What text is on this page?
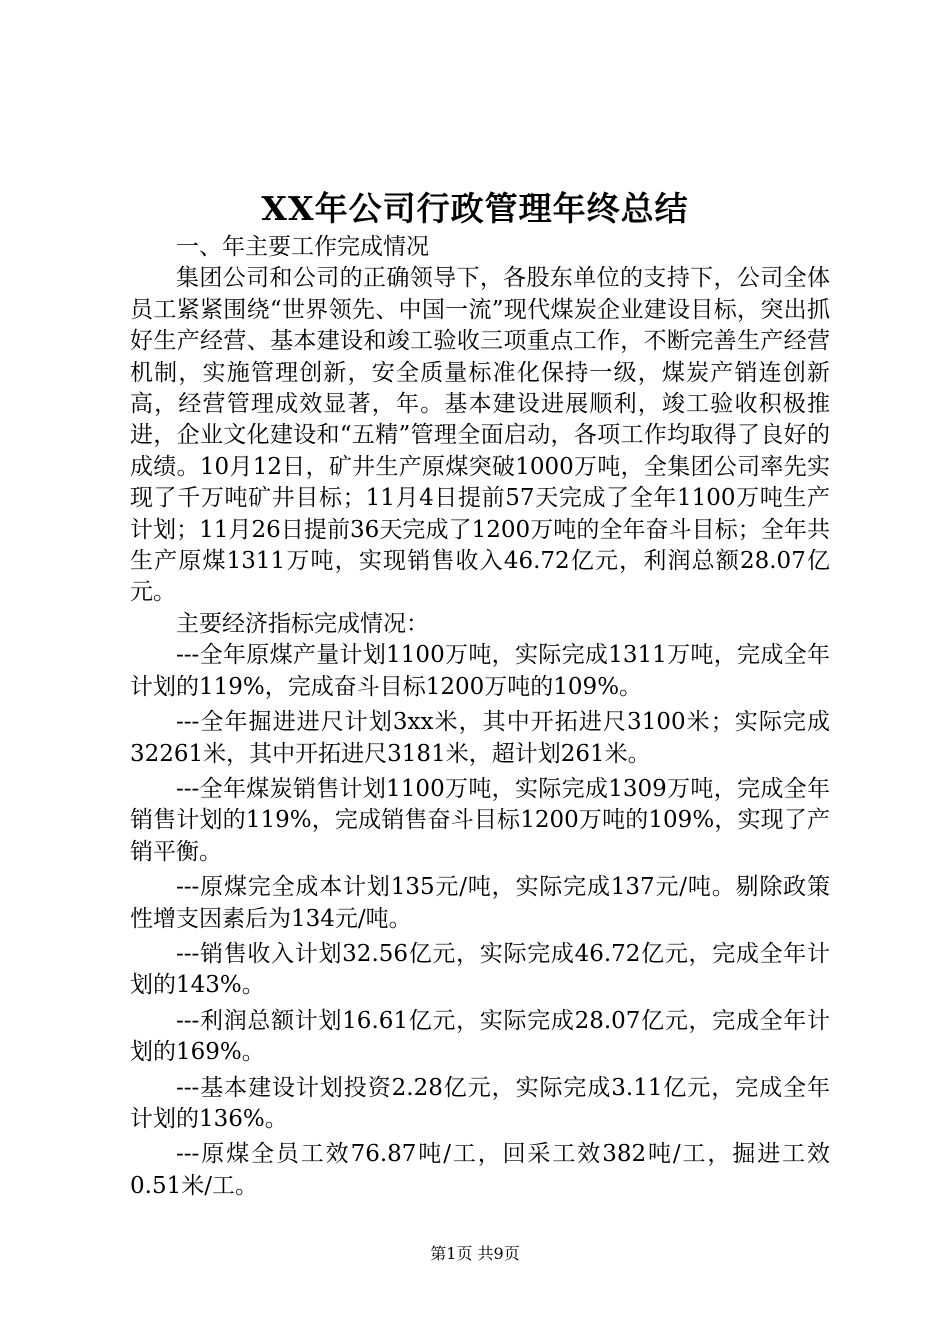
XX年公司行政管理年终总结

一、年主要工作完成情况

集团公司和公司的正确领导下，各股东单位的支持下，公司全体员工紧紧围绕“世界领先、中国一流”现代煤炭企业建设目标，突出抓好生产经营、基本建设和竣工验收三项重点工作，不断完善生产经营机制，实施管理创新，安全质量标准化保持一级，煤炭产销连创新高，经营管理成效显著，年。基本建设进展顺利，竣工验收积极推进，企业文化建设和“五精”管理全面启动，各项工作均取得了良好的成绩。10月12日，矿井生产原煤突破1000万吨，全集团公司率先实现了千万吨矿井目标；11月4日提前57天完成了全年1100万吨生产计划；11月26日提前36天完成了1200万吨的全年奋斗目标；全年共生产原煤1311万吨，实现销售收入46.72亿元，利润总额28.07亿元。

主要经济指标完成情况：

---全年原煤产量计划1100万吨，实际完成1311万吨，完成全年计划的119%，完成奋斗目标1200万吨的109%。

---全年掘进进尺计划3xx米，其中开拓进尺3100米；实际完成32261米，其中开拓进尺3181米，超计划261米。

---全年煤炭销售计划1100万吨，实际完成1309万吨，完成全年销售计划的119%，完成销售奋斗目标1200万吨的109%，实现了产销平衡。

---原煤完全成本计划135元/吨，实际完成137元/吨。剔除政策性增支因素后为134元/吨。

---销售收入计划32.56亿元，实际完成46.72亿元，完成全年计划的143%。

---利润总额计划16.61亿元，实际完成28.07亿元，完成全年计划的169%。

---基本建设计划投资2.28亿元，实际完成3.11亿元，完成全年计划的136%。

---原煤全员工效76.87吨/工，回采工效382吨/工，掘进工效0.51米/工。

第1页 共9页
